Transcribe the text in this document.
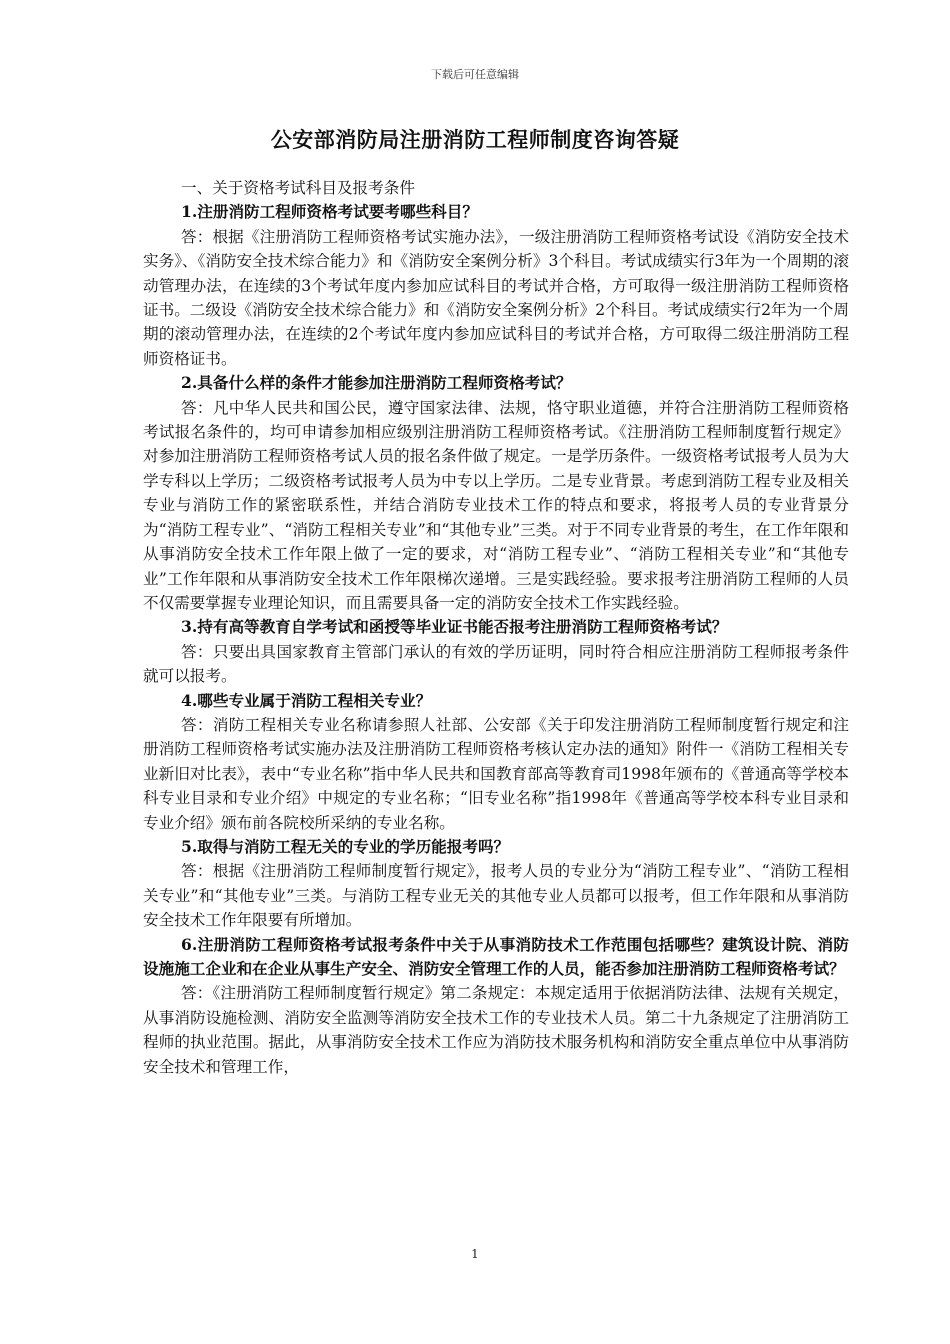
下载后可任意编辑
公安部消防局注册消防工程师制度咨询答疑

一、关于资格考试科目及报考条件

1.注册消防工程师资格考试要考哪些科目？

答：根据《注册消防工程师资格考试实施办法》，一级注册消防工程师资格考试设《消防安全技术实务》、《消防安全技术综合能力》和《消防安全案例分析》3个科目。考试成绩实行3年为一个周期的滚动管理办法，在连续的3个考试年度内参加应试科目的考试并合格，方可取得一级注册消防工程师资格证书。二级设《消防安全技术综合能力》和《消防安全案例分析》2个科目。考试成绩实行2年为一个周期的滚动管理办法，在连续的2个考试年度内参加应试科目的考试并合格，方可取得二级注册消防工程师资格证书。

2.具备什么样的条件才能参加注册消防工程师资格考试？

答：凡中华人民共和国公民，遵守国家法律、法规，恪守职业道德，并符合注册消防工程师资格考试报名条件的，均可申请参加相应级别注册消防工程师资格考试。《注册消防工程师制度暂行规定》对参加注册消防工程师资格考试人员的报名条件做了规定。一是学历条件。一级资格考试报考人员为大学专科以上学历；二级资格考试报考人员为中专以上学历。二是专业背景。考虑到消防工程专业及相关专业与消防工作的紧密联系性，并结合消防专业技术工作的特点和要求，将报考人员的专业背景分为“消防工程专业”、“消防工程相关专业”和“其他专业”三类。对于不同专业背景的考生，在工作年限和从事消防安全技术工作年限上做了一定的要求，对“消防工程专业”、“消防工程相关专业”和“其他专业”工作年限和从事消防安全技术工作年限梯次递增。三是实践经验。要求报考注册消防工程师的人员不仅需要掌握专业理论知识，而且需要具备一定的消防安全技术工作实践经验。

3.持有高等教育自学考试和函授等毕业证书能否报考注册消防工程师资格考试？

答：只要出具国家教育主管部门承认的有效的学历证明，同时符合相应注册消防工程师报考条件就可以报考。

4.哪些专业属于消防工程相关专业？

答：消防工程相关专业名称请参照人社部、公安部《关于印发注册消防工程师制度暂行规定和注册消防工程师资格考试实施办法及注册消防工程师资格考核认定办法的通知》附件一《消防工程相关专业新旧对比表》，表中“专业名称”指中华人民共和国教育部高等教育司1998年颁布的《普通高等学校本科专业目录和专业介绍》中规定的专业名称；“旧专业名称”指1998年《普通高等学校本科专业目录和专业介绍》颁布前各院校所采纳的专业名称。

5.取得与消防工程无关的专业的学历能报考吗？

答：根据《注册消防工程师制度暂行规定》，报考人员的专业分为“消防工程专业”、“消防工程相关专业”和“其他专业”三类。与消防工程专业无关的其他专业人员都可以报考，但工作年限和从事消防安全技术工作年限要有所增加。

6.注册消防工程师资格考试报考条件中关于从事消防技术工作范围包括哪些？建筑设计院、消防设施施工企业和在企业从事生产安全、消防安全管理工作的人员，能否参加注册消防工程师资格考试？

答：《注册消防工程师制度暂行规定》第二条规定：本规定适用于依据消防法律、法规有关规定，从事消防设施检测、消防安全监测等消防安全技术工作的专业技术人员。第二十九条规定了注册消防工程师的执业范围。据此，从事消防安全技术工作应为消防技术服务机构和消防安全重点单位中从事消防安全技术和管理工作，

1
